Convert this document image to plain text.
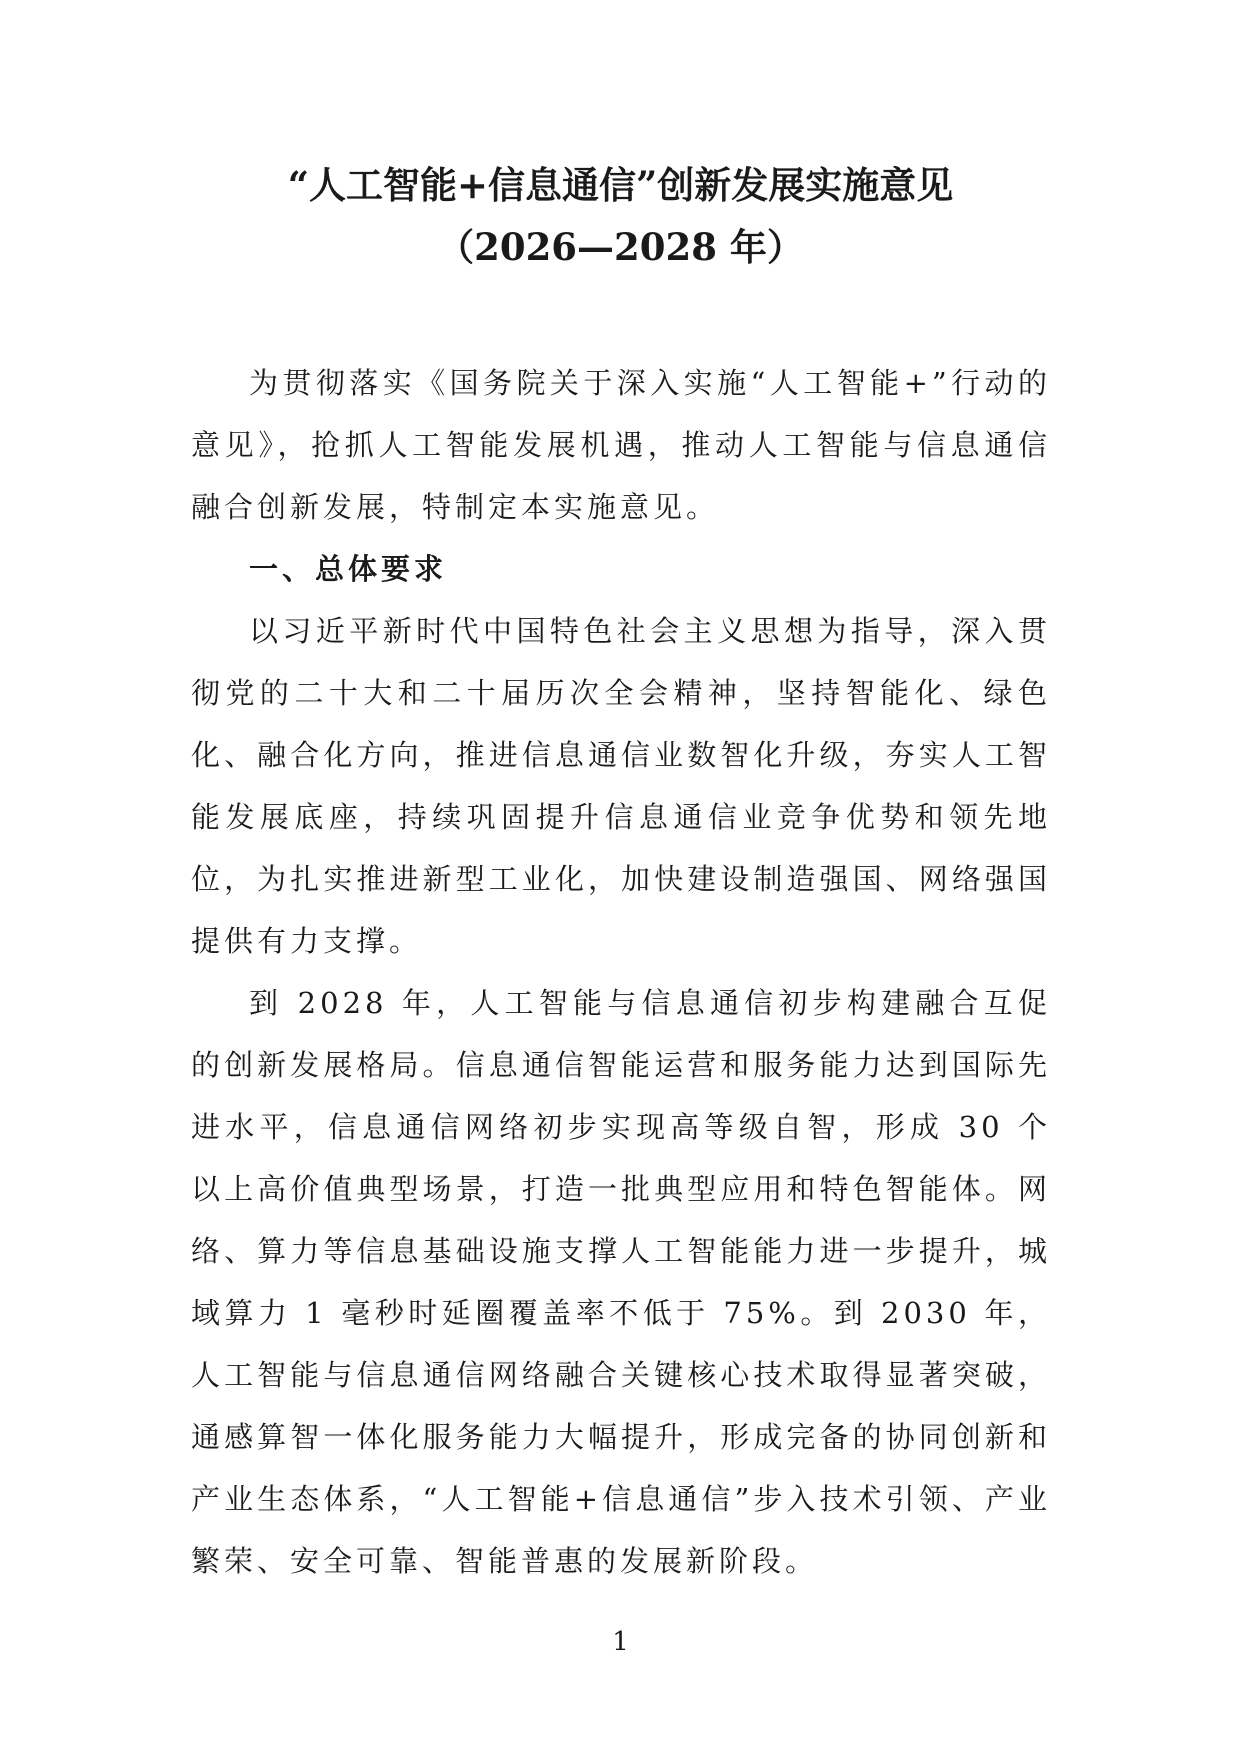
“人工智能+信息通信”创新发展实施意见
（2026—2028 年）

为贯彻落实《国务院关于深入实施“人工智能+”行动的意见》，抢抓人工智能发展机遇，推动人工智能与信息通信融合创新发展，特制定本实施意见。

一、总体要求

以习近平新时代中国特色社会主义思想为指导，深入贯彻党的二十大和二十届历次全会精神，坚持智能化、绿色化、融合化方向，推进信息通信业数智化升级，夯实人工智能发展底座，持续巩固提升信息通信业竞争优势和领先地位，为扎实推进新型工业化，加快建设制造强国、网络强国提供有力支撑。

到 2028 年，人工智能与信息通信初步构建融合互促的创新发展格局。信息通信智能运营和服务能力达到国际先进水平，信息通信网络初步实现高等级自智，形成 30 个以上高价值典型场景，打造一批典型应用和特色智能体。网络、算力等信息基础设施支撑人工智能能力进一步提升，城域算力 1 毫秒时延圈覆盖率不低于 75%。到 2030 年，人工智能与信息通信网络融合关键核心技术取得显著突破，通感算智一体化服务能力大幅提升，形成完备的协同创新和产业生态体系，“人工智能+信息通信”步入技术引领、产业繁荣、安全可靠、智能普惠的发展新阶段。

1
